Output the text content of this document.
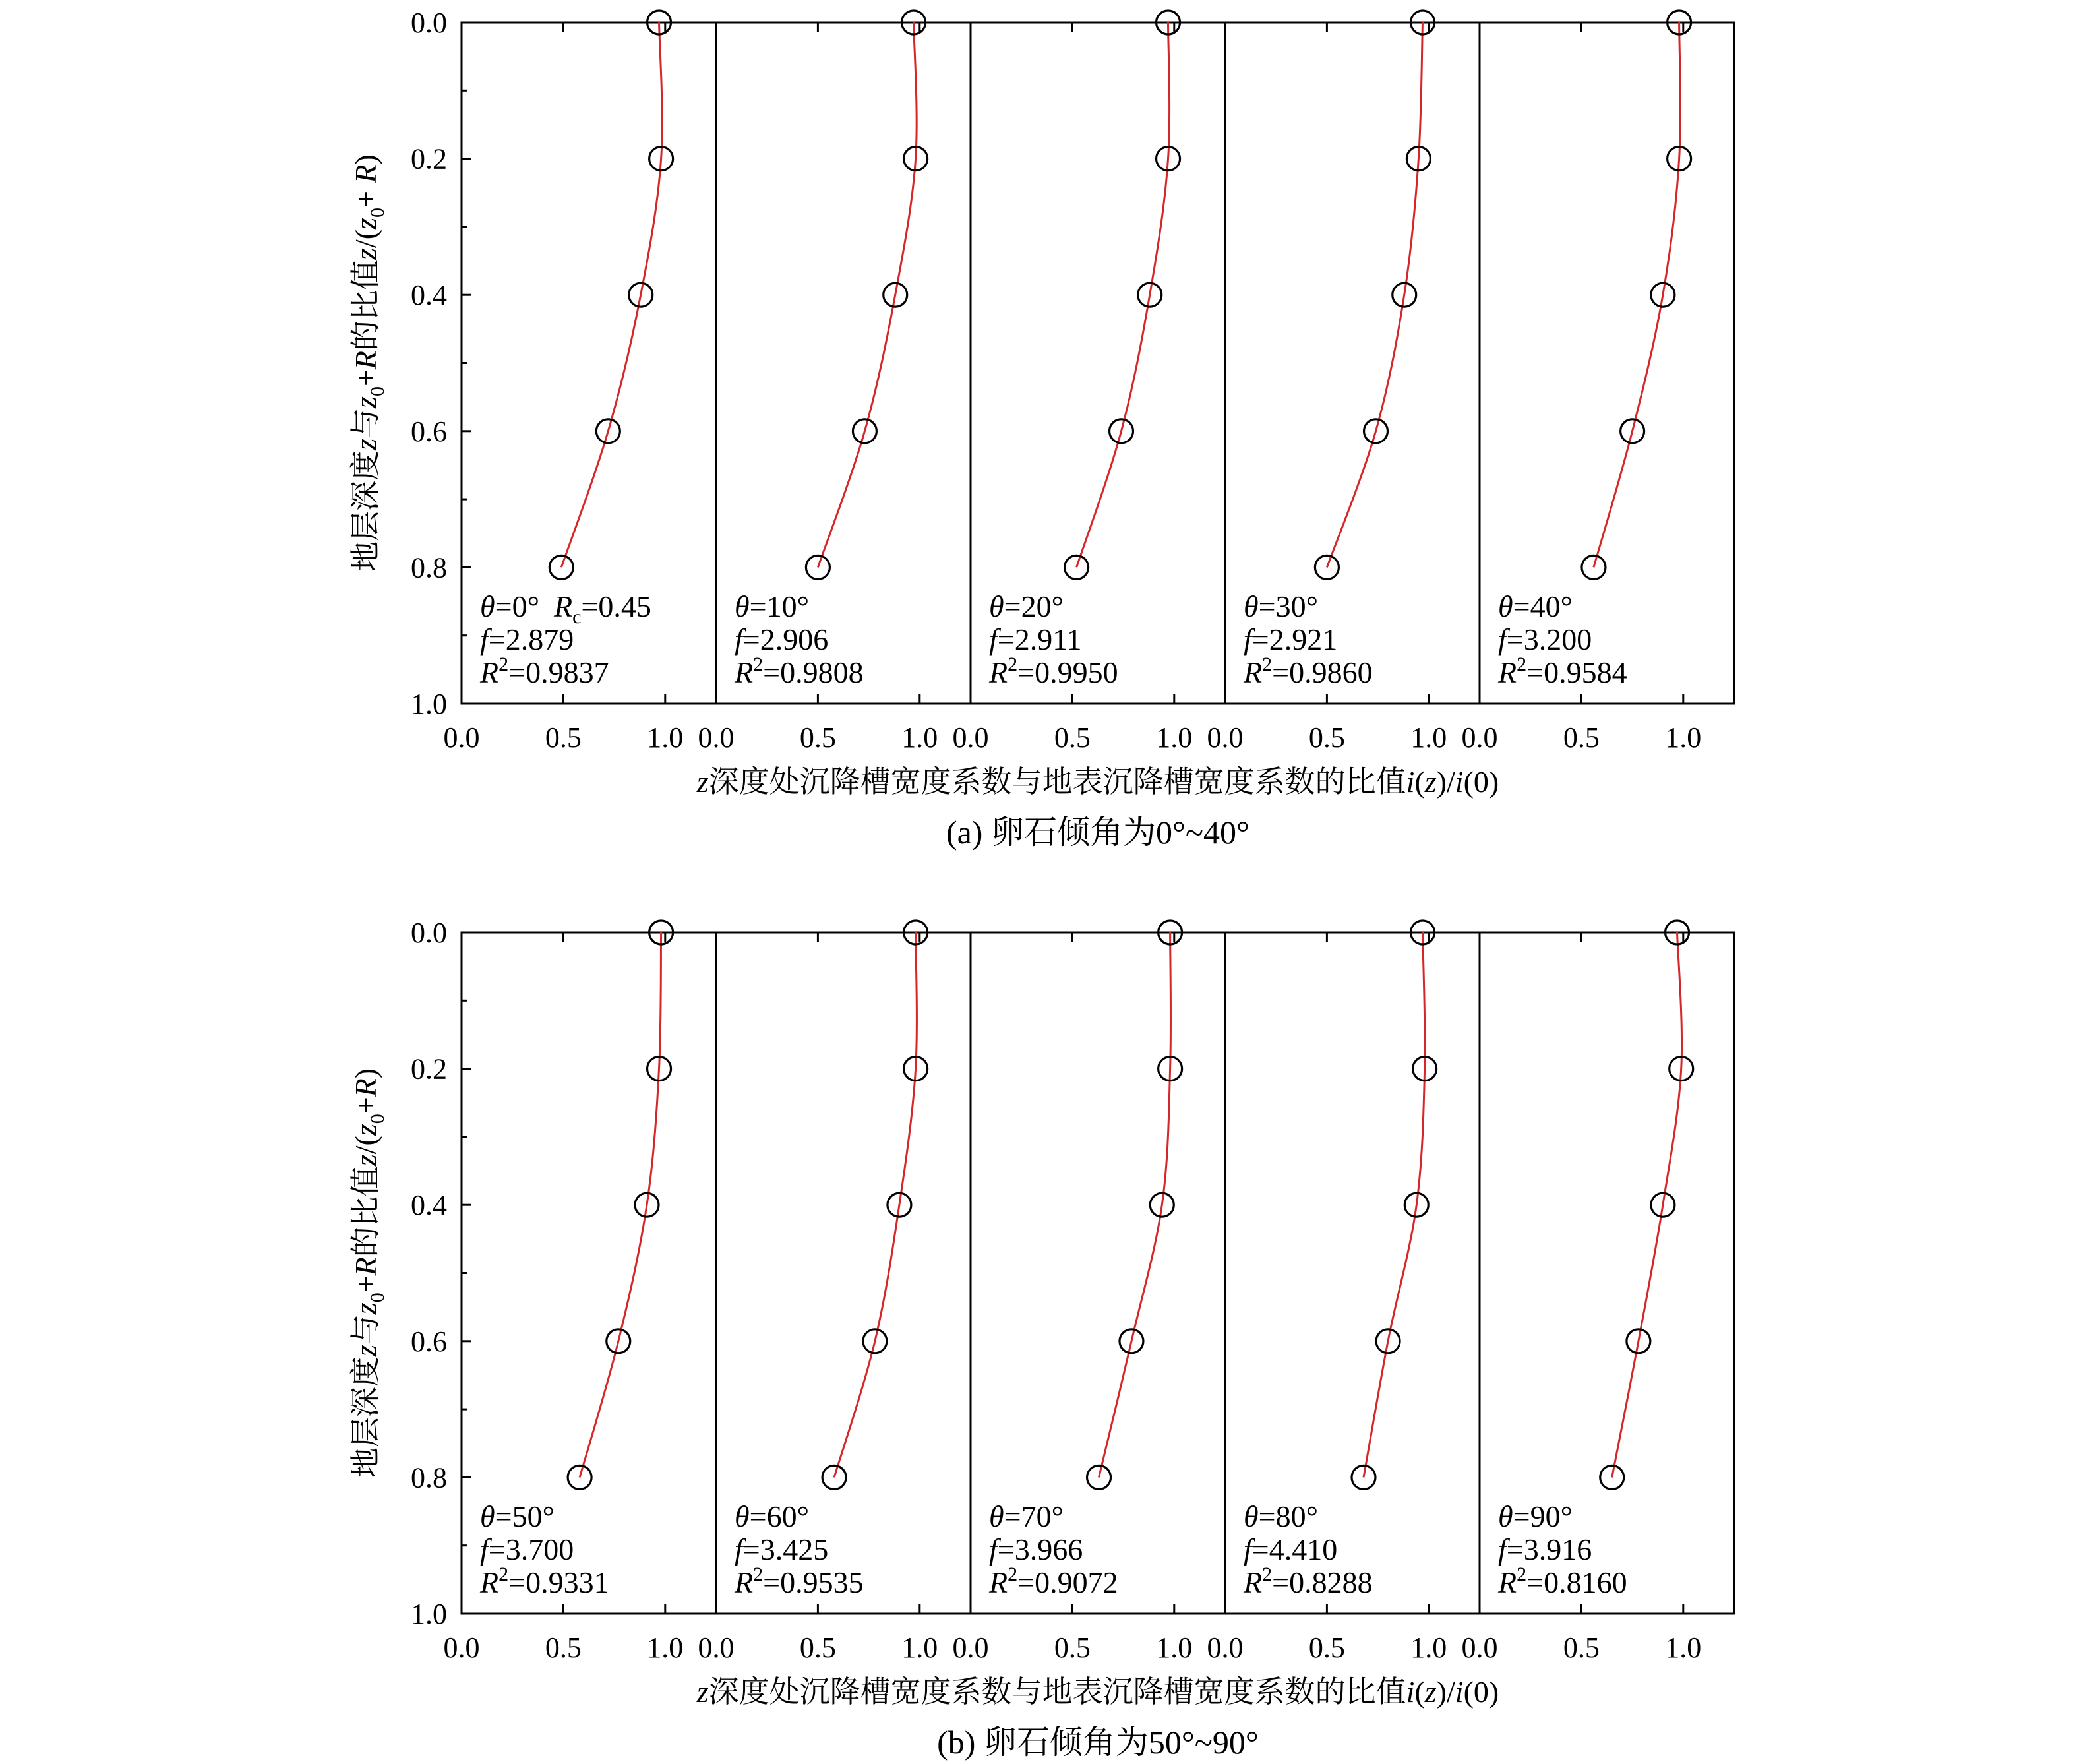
0.0
0.2
0.4
0.6
0.8
1.0
0.0 0.5 1.0
θ=0° $R_c=0.45$
f=2.879
$R^2=0.9837$
0.0 0.5 1.0
θ=10°
f=2.906
$R^2=0.9808$
0.0 0.5 1.0
θ=20°
f=2.911
$R^2=0.9950$
0.0 0.5 1.0
θ=30°
f=2.921
$R^2=0.9860$
0.0 0.5 1.0
θ=40°
f=3.200
$R^2=0.9584$
地层深度z与$z_0+R$的比值$z/(z_0+ R)$
z深度处沉降槽宽度系数与地表沉降槽宽度系数的比值i(z)/i(0)
(a) 卵石倾角为0°~40°
0.0
0.2
0.4
0.6
0.8
1.0
0.0 0.5 1.0
θ=50°
f=3.700
$R^2=0.9331$
0.0 0.5 1.0
θ=60°
f=3.425
$R^2=0.9535$
0.0 0.5 1.0
θ=70°
f=3.966
$R^2=0.9072$
0.0 0.5 1.0
θ=80°
f=4.410
$R^2=0.8288$
0.0 0.5 1.0
θ=90°
f=3.916
$R^2=0.8160$
地层深度z与$z_0+R$的比值$z/(z_0+R)$
z深度处沉降槽宽度系数与地表沉降槽宽度系数的比值i(z)/i(0)
(b) 卵石倾角为50°~90°
